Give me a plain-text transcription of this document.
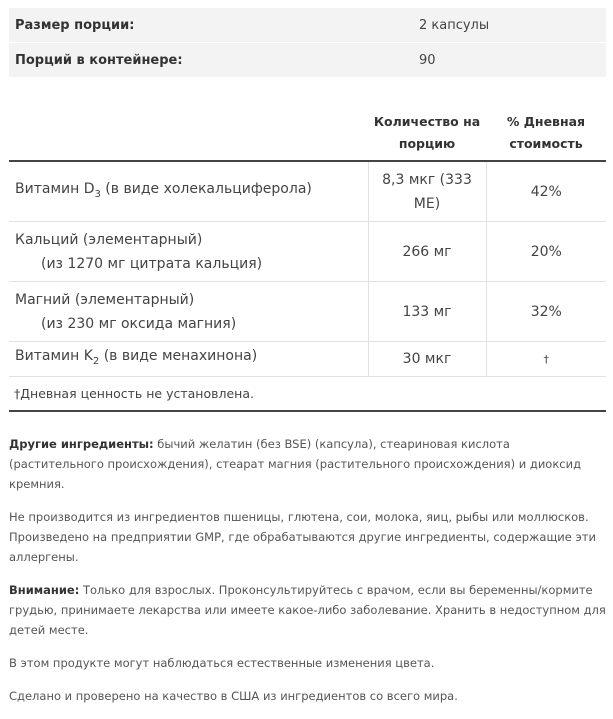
Размер порции:	2 капсулы
Порций в контейнере:	90
	Количество на порцию	% Дневная стоимость
Витамин $D_3$ (в виде холекальциферола)	8,3 мкг (333 МЕ)	42%

Кальций (элементарный)
(из 1270 мг цитрата кальция)	266 мг	20%

Магний (элементарный)
(из 230 мг оксида магния)	133 мг	32%
Витамин $K_2$ (в виде менахинона)	30 мкг	†
†Дневная ценность не установлена.		

Другие ингредиенты: бычий желатин (без BSE) (капсула), стеариновая кислота (растительного происхождения), стеарат магния (растительного происхождения) и диоксид кремния.

Не производится из ингредиентов пшеницы, глютена, сои, молока, яиц, рыбы или моллюсков. Произведено на предприятии GMP, где обрабатываются другие ингредиенты, содержащие эти аллергены.

Внимание: Только для взрослых. Проконсультируйтесь с врачом, если вы беременны/кормите грудью, принимаете лекарства или имеете какое-либо заболевание. Хранить в недоступном для детей месте.

В этом продукте могут наблюдаться естественные изменения цвета.

Сделано и проверено на качество в США из ингредиентов со всего мира.
